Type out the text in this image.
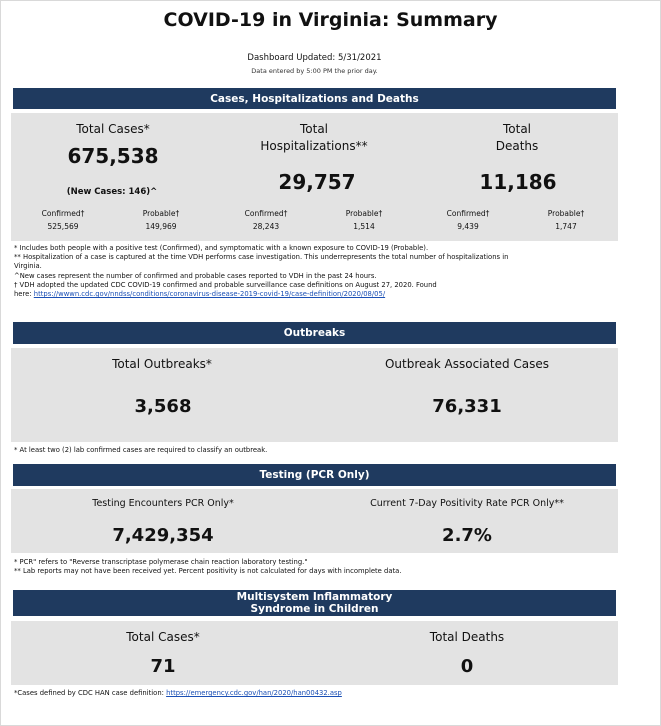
COVID-19 in Virginia: Summary
Dashboard Updated: 5/31/2021
Data entered by 5:00 PM the prior day.
Cases, Hospitalizations and Deaths
Total Cases*
675,538
(New Cases: 146)^
Confirmed†
525,569
Probable†
149,969
Total
Hospitalizations**
29,757
Confirmed†
28,243
Probable†
1,514
Total
Deaths
11,186
Confirmed†
9,439
Probable†
1,747
* Includes both people with a positive test (Confirmed), and symptomatic with a known exposure to COVID-19 (Probable).
** Hospitalization of a case is captured at the time VDH performs case investigation. This underrepresents the total number of hospitalizations in
Virginia.
^New cases represent the number of confirmed and probable cases reported to VDH in the past 24 hours.
† VDH adopted the updated CDC COVID-19 confirmed and probable surveillance case definitions on August 27, 2020. Found
here: https://wwwn.cdc.gov/nndss/conditions/coronavirus-disease-2019-covid-19/case-definition/2020/08/05/
Outbreaks
Total Outbreaks*
3,568
Outbreak Associated Cases
76,331
* At least two (2) lab confirmed cases are required to classify an outbreak.
Testing (PCR Only)
Testing Encounters PCR Only*
7,429,354
Current 7-Day Positivity Rate PCR Only**
2.7%
* PCR" refers to "Reverse transcriptase polymerase chain reaction laboratory testing."
** Lab reports may not have been received yet. Percent positivity is not calculated for days with incomplete data.
Multisystem Inflammatory
Syndrome in Children
Total Cases*
71
Total Deaths
0
*Cases defined by CDC HAN case definition: https://emergency.cdc.gov/han/2020/han00432.asp
